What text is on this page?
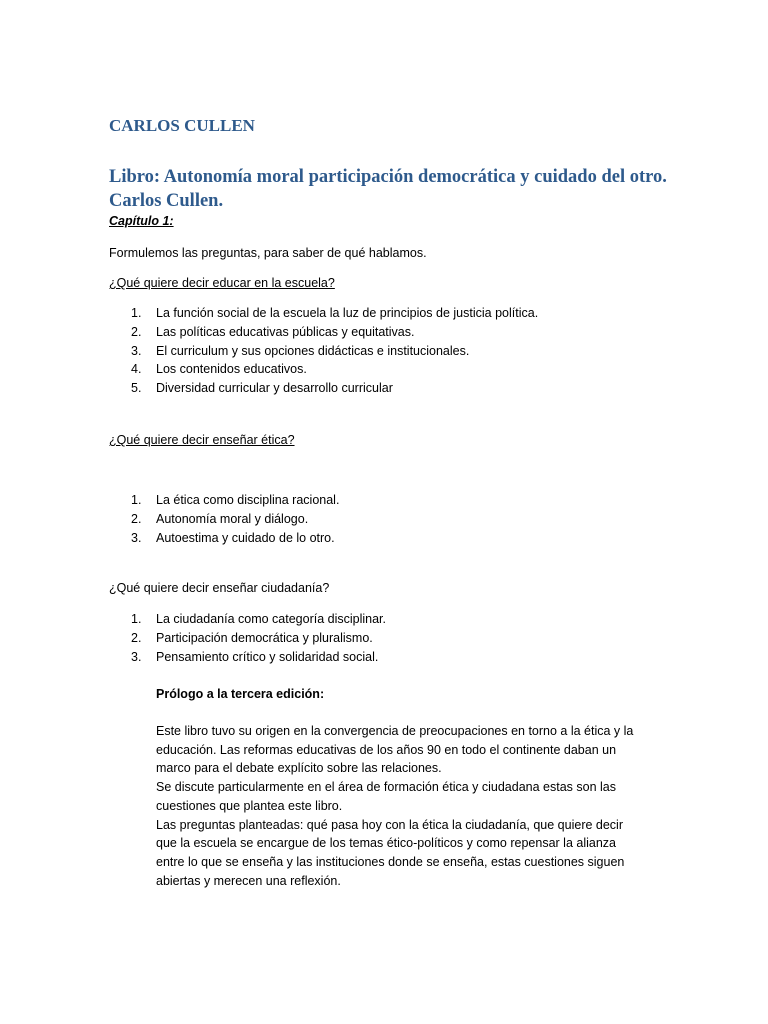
CARLOS CULLEN
Libro: Autonomía moral participación democrática y cuidado del otro. Carlos Cullen.

Capítulo 1:

Formulemos las preguntas, para saber de qué hablamos.

¿Qué quiere decir educar en la escuela?

1. La función social de la escuela la luz de principios de justicia política.
2. Las políticas educativas públicas y equitativas.
3. El curriculum y sus opciones didácticas e institucionales.
4. Los contenidos educativos.
5. Diversidad curricular y desarrollo curricular

¿Qué quiere decir enseñar ética?

1. La ética como disciplina racional.
2. Autonomía moral y diálogo.
3. Autoestima y cuidado de lo otro.

¿Qué quiere decir enseñar ciudadanía?

1. La ciudadanía como categoría disciplinar.
2. Participación democrática y pluralismo.
3. Pensamiento crítico y solidaridad social.

Prólogo a la tercera edición:

Este libro tuvo su origen en la convergencia de preocupaciones en torno a la ética y la
educación. Las reformas educativas de los años 90 en todo el continente daban un
marco para el debate explícito sobre las relaciones.
Se discute particularmente en el área de formación ética y ciudadana estas son las
cuestiones que plantea este libro.
Las preguntas planteadas: qué pasa hoy con la ética la ciudadanía, que quiere decir
que la escuela se encargue de los temas ético-políticos y como repensar la alianza
entre lo que se enseña y las instituciones donde se enseña, estas cuestiones siguen
abiertas y merecen una reflexión.
